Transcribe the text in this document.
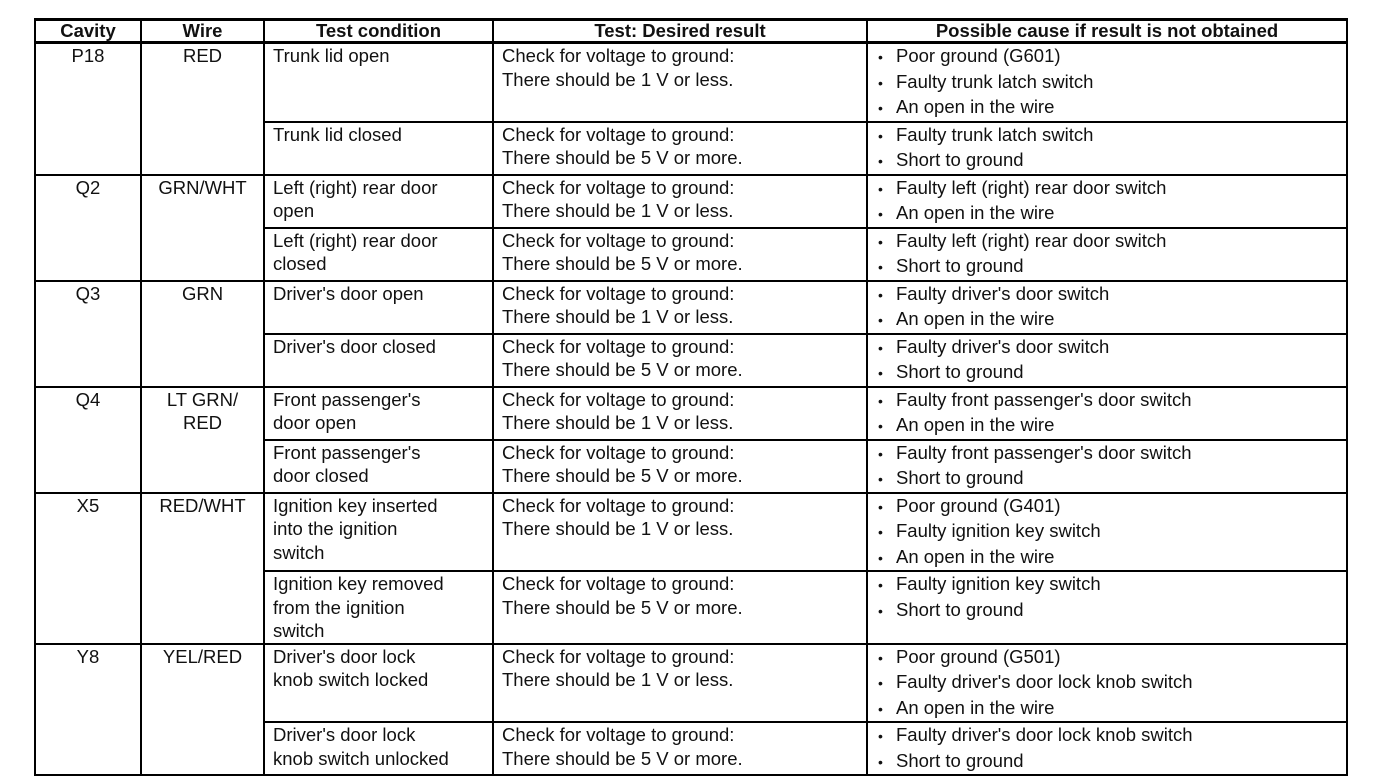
Cavity	Wire	Test condition	Test: Desired result	Possible cause if result is not obtained

P18	RED	Trunk lid open	Check for voltage to ground:
There should be 1 V or less.	• Poor ground (G601)
• Faulty trunk latch switch
• An open in the wire

		Trunk lid closed	Check for voltage to ground:
There should be 5 V or more.	• Faulty trunk latch switch
• Short to ground

Q2	GRN/WHT	Left (right) rear door
open	Check for voltage to ground:
There should be 1 V or less.	• Faulty left (right) rear door switch
• An open in the wire

		Left (right) rear door
closed	Check for voltage to ground:
There should be 5 V or more.	• Faulty left (right) rear door switch
• Short to ground

Q3	GRN	Driver's door open	Check for voltage to ground:
There should be 1 V or less.	• Faulty driver's door switch
• An open in the wire

		Driver's door closed	Check for voltage to ground:
There should be 5 V or more.	• Faulty driver's door switch
• Short to ground

Q4	LT GRN/
RED	Front passenger's
door open	Check for voltage to ground:
There should be 1 V or less.	• Faulty front passenger's door switch
• An open in the wire

		Front passenger's
door closed	Check for voltage to ground:
There should be 5 V or more.	• Faulty front passenger's door switch
• Short to ground

X5	RED/WHT	Ignition key inserted
into the ignition
switch	Check for voltage to ground:
There should be 1 V or less.	• Poor ground (G401)
• Faulty ignition key switch
• An open in the wire

		Ignition key removed
from the ignition
switch	Check for voltage to ground:
There should be 5 V or more.	• Faulty ignition key switch
• Short to ground

Y8	YEL/RED	Driver's door lock
knob switch locked	Check for voltage to ground:
There should be 1 V or less.	• Poor ground (G501)
• Faulty driver's door lock knob switch
• An open in the wire

		Driver's door lock
knob switch unlocked	Check for voltage to ground:
There should be 5 V or more.	• Faulty driver's door lock knob switch
• Short to ground
